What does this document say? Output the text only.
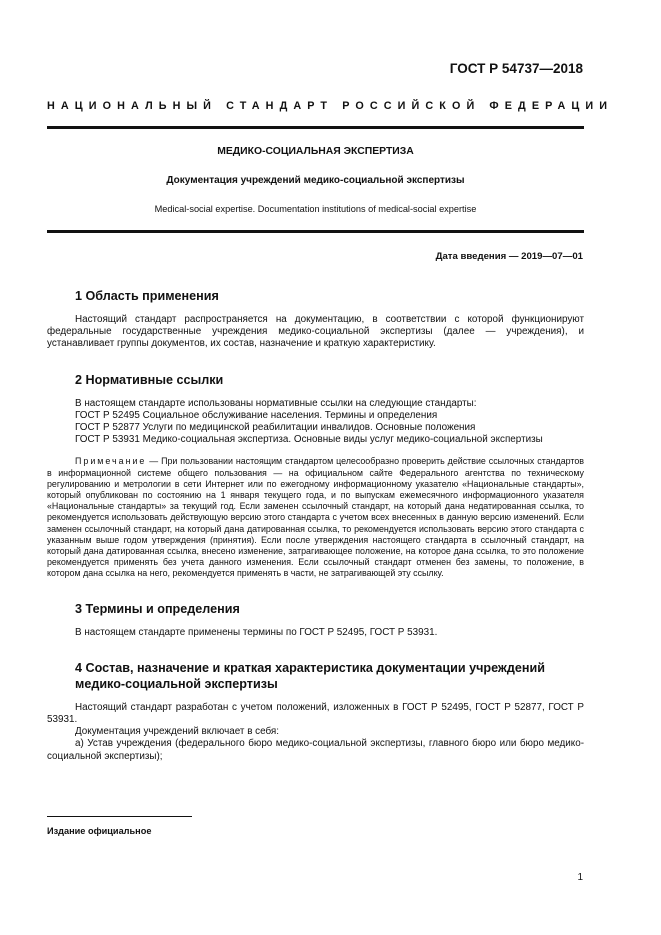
ГОСТ Р 54737—2018
НАЦИОНАЛЬНЫЙ СТАНДАРТ РОССИЙСКОЙ ФЕДЕРАЦИИ
МЕДИКО-СОЦИАЛЬНАЯ ЭКСПЕРТИЗА
Документация учреждений медико-социальной экспертизы
Medical-social expertise. Documentation institutions of medical-social expertise
Дата введения — 2019—07—01
1 Область применения

Настоящий стандарт распространяется на документацию, в соответствии с которой функционируют федеральные государственные учреждения медико-социальной экспертизы (далее — учреждения), и устанавливает группы документов, их состав, назначение и краткую характеристику.

2 Нормативные ссылки

В настоящем стандарте использованы нормативные ссылки на следующие стандарты:

ГОСТ Р 52495 Социальное обслуживание населения. Термины и определения

ГОСТ Р 52877 Услуги по медицинской реабилитации инвалидов. Основные положения

ГОСТ Р 53931 Медико-социальная экспертиза. Основные виды услуг медико-социальной экспертизы

Примечание — При пользовании настоящим стандартом целесообразно проверить действие ссылочных стандартов в информационной системе общего пользования — на официальном сайте Федерального агентства по техническому регулированию и метрологии в сети Интернет или по ежегодному информационному указателю «Национальные стандарты», который опубликован по состоянию на 1 января текущего года, и по выпускам ежемесячного информационного указателя «Национальные стандарты» за текущий год. Если заменен ссылочный стандарт, на который дана недатированная ссылка, то рекомендуется использовать действующую версию этого стандарта с учетом всех внесенных в данную версию изменений. Если заменен ссылочный стандарт, на который дана датированная ссылка, то рекомендуется использовать версию этого стандарта с указанным выше годом утверждения (принятия). Если после утверждения настоящего стандарта в ссылочный стандарт, на который дана датированная ссылка, внесено изменение, затрагивающее положение, на которое дана ссылка, то это положение рекомендуется применять без учета данного изменения. Если ссылочный стандарт отменен без замены, то положение, в котором дана ссылка на него, рекомендуется применять в части, не затрагивающей эту ссылку.

3 Термины и определения

В настоящем стандарте применены термины по ГОСТ Р 52495, ГОСТ Р 53931.

4 Состав, назначение и краткая характеристика документации учреждений медико-социальной экспертизы

Настоящий стандарт разработан с учетом положений, изложенных в ГОСТ Р 52495, ГОСТ Р 52877, ГОСТ Р 53931.

Документация учреждений включает в себя:

а) Устав учреждения (федерального бюро медико-социальной экспертизы, главного бюро или бюро медико-социальной экспертизы);

Издание официальное
1
